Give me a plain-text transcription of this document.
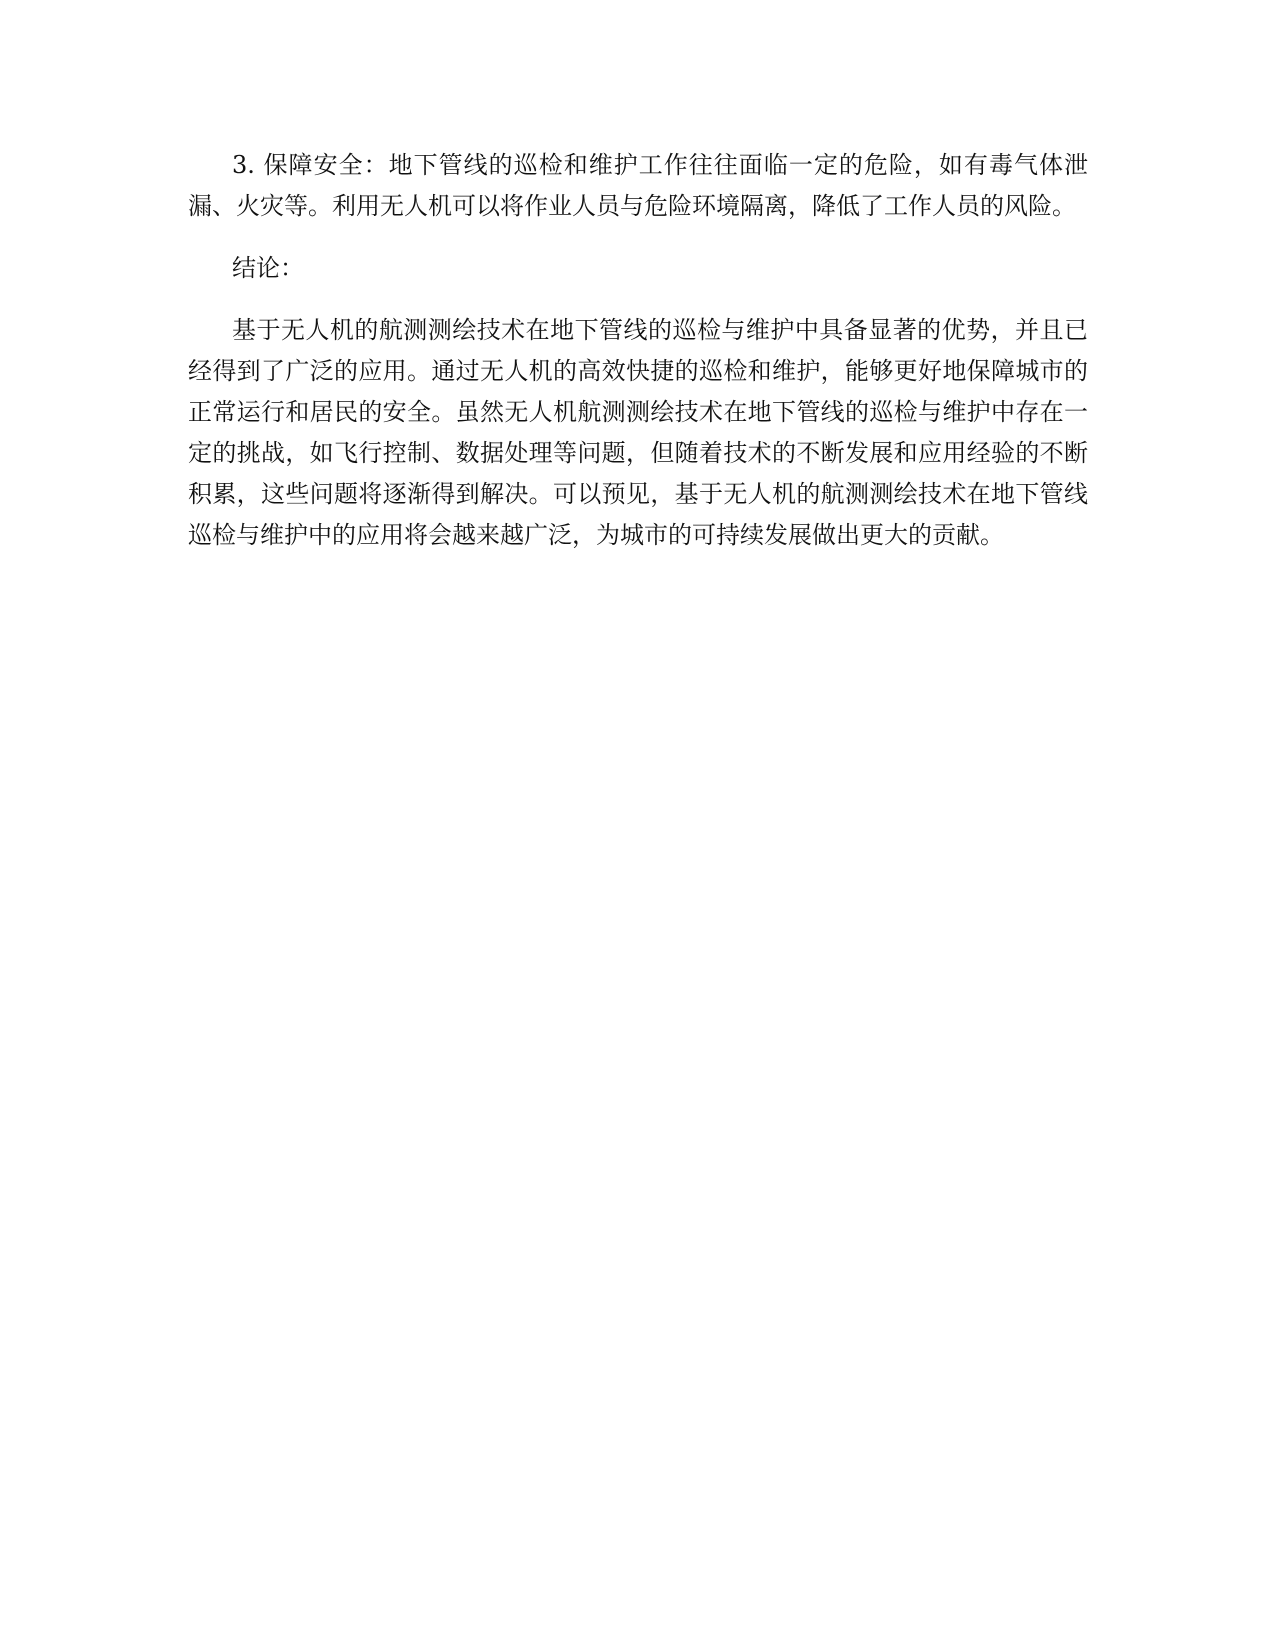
3. 保障安全：地下管线的巡检和维护工作往往面临一定的危险，如有毒气体泄漏、火灾等。利用无人机可以将作业人员与危险环境隔离，降低了工作人员的风险。

结论：

基于无人机的航测测绘技术在地下管线的巡检与维护中具备显著的优势，并且已经得到了广泛的应用。通过无人机的高效快捷的巡检和维护，能够更好地保障城市的正常运行和居民的安全。虽然无人机航测测绘技术在地下管线的巡检与维护中存在一定的挑战，如飞行控制、数据处理等问题，但随着技术的不断发展和应用经验的不断积累，这些问题将逐渐得到解决。可以预见，基于无人机的航测测绘技术在地下管线巡检与维护中的应用将会越来越广泛，为城市的可持续发展做出更大的贡献。
